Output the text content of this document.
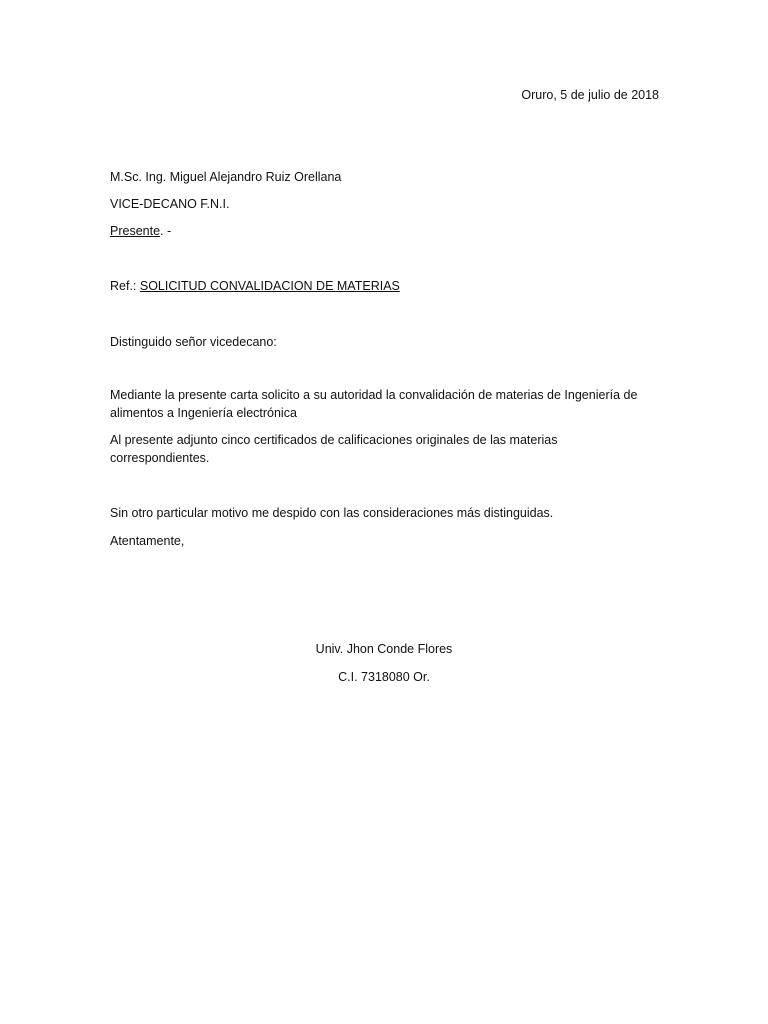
Oruro, 5 de julio de 2018
M.Sc. Ing. Miguel Alejandro Ruiz Orellana
VICE-DECANO F.N.I.
Presente. -
Ref.: SOLICITUD CONVALIDACION DE MATERIAS
Distinguido señor vicedecano:
Mediante la presente carta solicito a su autoridad la convalidación de materias de Ingeniería de alimentos a Ingeniería electrónica
Al presente adjunto cinco certificados de calificaciones originales de las materias correspondientes.
Sin otro particular motivo me despido con las consideraciones más distinguidas.
Atentamente,
Univ. Jhon Conde Flores
C.I. 7318080 Or.
